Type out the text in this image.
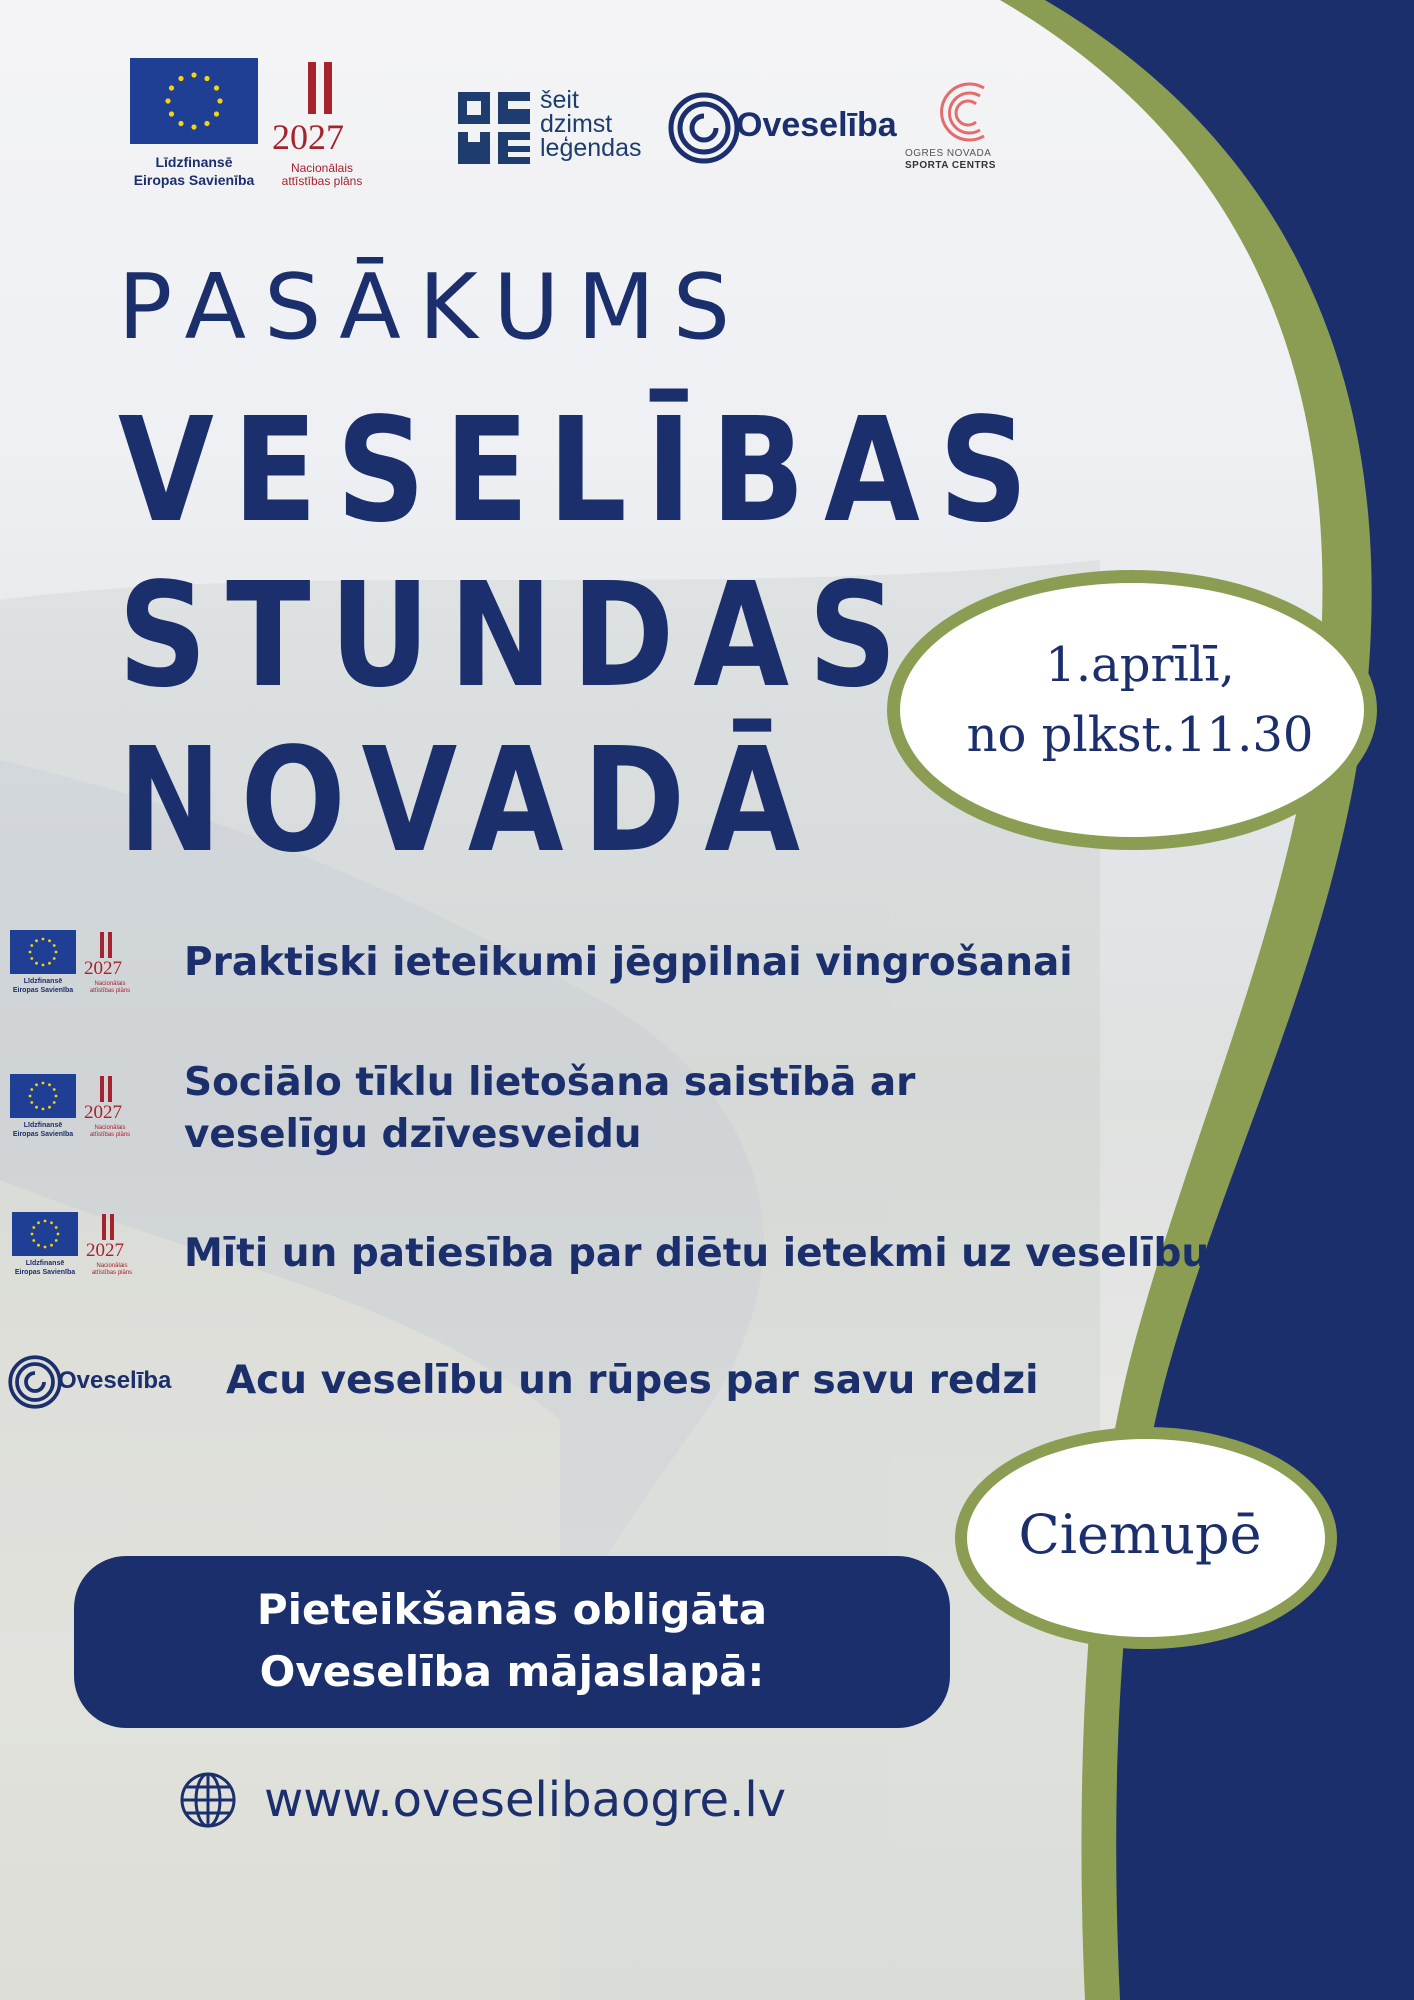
Līdzfinansē
Eiropas Savienība
2027
Nacionālais
attīstības plāns
šeit
dzimst
leģendas
Oveselība
OGRES NOVADA
SPORTA CENTRS
PASĀKUMS
VESELĪBAS
STUNDAS
NOVADĀ
1.aprīlī,
no plkst.11.30
Līdzfinansē
Eiropas Savienība
2027
Nacionālais
attīstības plāns
Praktiski ieteikumi jēgpilnai vingrošanai
Līdzfinansē
Eiropas Savienība
2027
Nacionālais
attīstības plāns
Sociālo tīklu lietošana saistībā ar
veselīgu dzīvesveidu
Līdzfinansē
Eiropas Savienība
2027
Nacionālais
attīstības plāns Mīti un patiesība par diētu ietekmi uz veselību
Oveselība Acu veselību un rūpes par savu redzi
Ciemupē
Pieteikšanās obligāta
Oveselība mājaslapā:
www.oveselibaogre.lv
